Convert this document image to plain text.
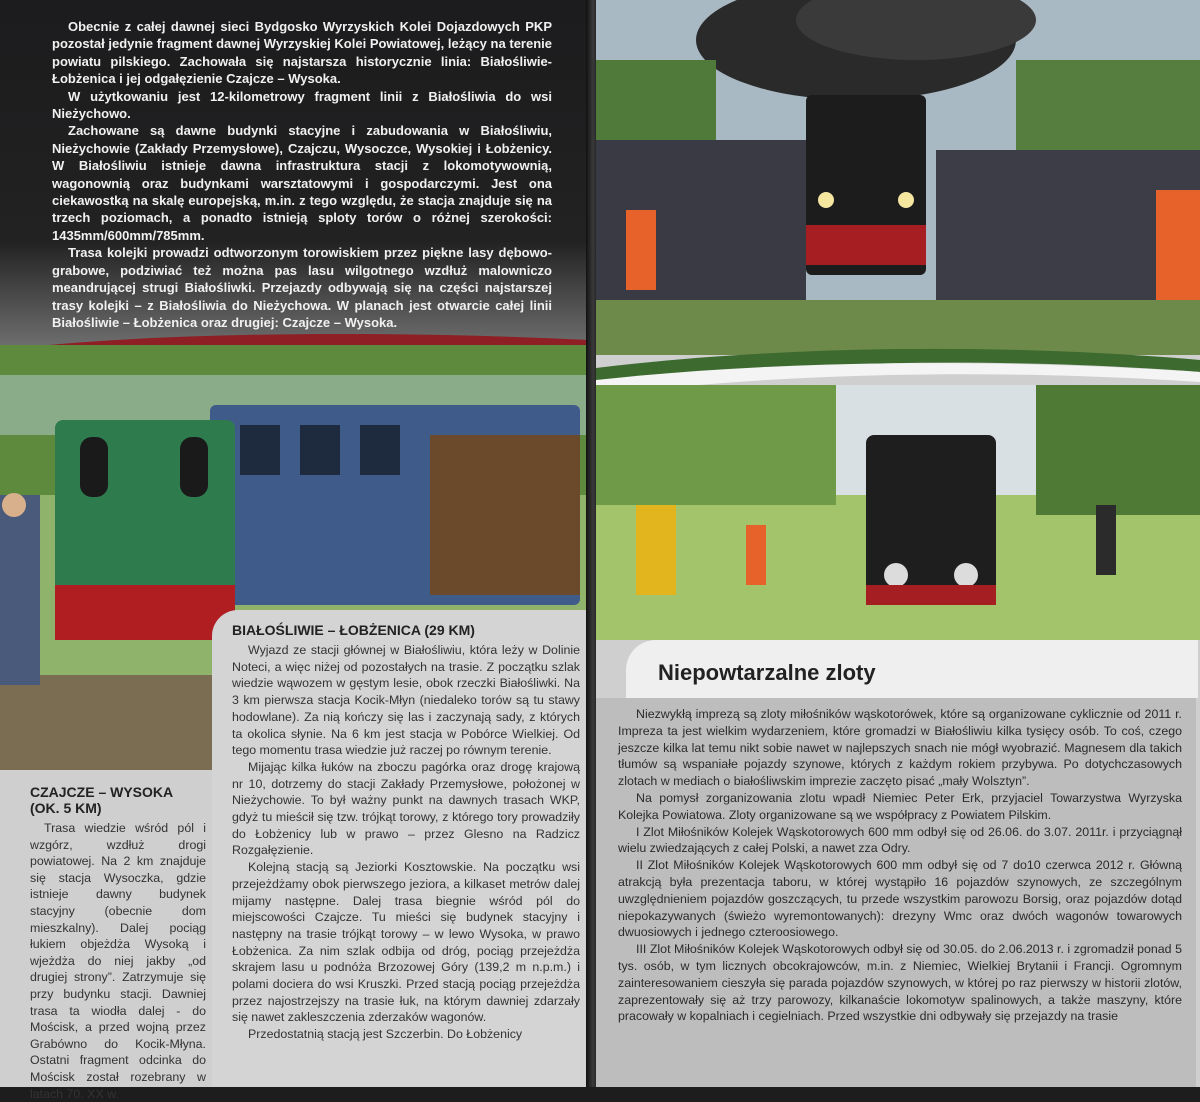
Obecnie z całej dawnej sieci Bydgosko Wyrzyskich Kolei Dojazdowych PKP pozostał jedynie fragment dawnej Wyrzyskiej Kolei Powiatowej, leżący na terenie powiatu pilskiego. Zachowała się najstarsza historycznie linia: Białośliwie-Łobżenica i jej odgałęzienie Czajcze – Wysoka.

W użytkowaniu jest 12-kilometrowy fragment linii z Białośliwia do wsi Nieżychowo.

Zachowane są dawne budynki stacyjne i zabudowania w Białośliwiu, Nieżychowie (Zakłady Przemysłowe), Czajczu, Wysoczce, Wysokiej i Łobżenicy. W Białośliwiu istnieje dawna infrastruktura stacji z lokomotywownią, wagonownią oraz budynkami warsztatowymi i gospodarczymi. Jest ona ciekawostką na skalę europejską, m.in. z tego względu, że stacja znajduje się na trzech poziomach, a ponadto istnieją sploty torów o różnej szerokości: 1435mm/600mm/785mm.

Trasa kolejki prowadzi odtworzonym torowiskiem przez piękne lasy dębowo-grabowe, podziwiać też można pas lasu wilgotnego wzdłuż malowniczo meandrującej strugi Białośliwki. Przejazdy odbywają się na części najstarszej trasy kolejki – z Białośliwia do Nieżychowa. W planach jest otwarcie całej linii Białośliwie – Łobżenica oraz drugiej: Czajcze – Wysoka.

CZAJCZE – WYSOKA (OK. 5 KM)

Trasa wiedzie wśród pól i wzgórz, wzdłuż drogi powiatowej. Na 2 km znajduje się stacja Wysoczka, gdzie istnieje dawny budynek stacyjny (obecnie dom mieszkalny). Dalej pociąg łukiem objeżdża Wysoką i wjeżdża do niej jakby „od drugiej strony”. Zatrzymuje się przy budynku stacji. Dawniej trasa ta wiodła dalej - do Mościsk, a przed wojną przez Grabówno do Kocik-Młyna. Ostatni fragment odcinka do Mościsk został rozebrany w latach 70. XX w.

BIAŁOŚLIWIE – ŁOBŻENICA (29 KM)

Wyjazd ze stacji głównej w Białośliwiu, która leży w Dolinie Noteci, a więc niżej od pozostałych na trasie. Z początku szlak wiedzie wąwozem w gęstym lesie, obok rzeczki Białośliwki. Na 3 km pierwsza stacja Kocik-Młyn (niedaleko torów są tu stawy hodowlane). Za nią kończy się las i zaczynają sady, z których ta okolica słynie. Na 6 km jest stacja w Pobórce Wielkiej. Od tego momentu trasa wiedzie już raczej po równym terenie.

Mijając kilka łuków na zboczu pagórka oraz drogę krajową nr 10, dotrzemy do stacji Zakłady Przemysłowe, położonej w Nieżychowie. To był ważny punkt na dawnych trasach WKP, gdyż tu mieścił się tzw. trójkąt torowy, z którego tory prowadziły do Łobżenicy lub w prawo – przez Glesno na Radzicz Rozgałęzienie.

Kolejną stacją są Jeziorki Kosztowskie. Na początku wsi przejeżdżamy obok pierwszego jeziora, a kilkaset metrów dalej mijamy następne. Dalej trasa biegnie wśród pól do miejscowości Czajcze. Tu mieści się budynek stacyjny i następny na trasie trójkąt torowy – w lewo Wysoka, w prawo Łobżenica. Za nim szlak odbija od dróg, pociąg przejeżdża skrajem lasu u podnóża Brzozowej Góry (139,2 m n.p.m.) i polami dociera do wsi Kruszki. Przed stacją pociąg przejeżdża przez najostrzejszy na trasie łuk, na którym dawniej zdarzały się nawet zakleszczenia zderzaków wagonów.

Przedostatnią stacją jest Szczerbin. Do Łobżenicy

Niepowtarzalne zloty

Niezwykłą imprezą są zloty miłośników wąskotorówek, które są organizowane cyklicznie od 2011 r. Impreza ta jest wielkim wydarzeniem, które gromadzi w Białośliwiu kilka tysięcy osób. To coś, czego jeszcze kilka lat temu nikt sobie nawet w najlepszych snach nie mógł wyobrazić. Magnesem dla takich tłumów są wspaniałe pojazdy szynowe, których z każdym rokiem przybywa. Po dotychczasowych zlotach w mediach o białośliwskim imprezie zaczęto pisać „mały Wolsztyn”.

Na pomysł zorganizowania zlotu wpadł Niemiec Peter Erk, przyjaciel Towarzystwa Wyrzyska Kolejka Powiatowa. Zloty organizowane są we współpracy z Powiatem Pilskim.

I Zlot Miłośników Kolejek Wąskotorowych 600 mm odbył się od 26.06. do 3.07. 2011r. i przyciągnął wielu zwiedzających z całej Polski, a nawet zza Odry.

II Zlot Miłośników Kolejek Wąskotorowych 600 mm odbył się od 7 do10 czerwca 2012 r. Główną atrakcją była prezentacja taboru, w której wystąpiło 16 pojazdów szynowych, ze szczególnym uwzględnieniem pojazdów goszczących, tu przede wszystkim parowozu Borsig, oraz pojazdów dotąd niepokazywanych (świeżo wyremontowanych): drezyny Wmc oraz dwóch wagonów towarowych dwuosiowych i jednego czteroosiowego.

III Zlot Miłośników Kolejek Wąskotorowych odbył się od 30.05. do 2.06.2013 r. i zgromadził ponad 5 tys. osób, w tym licznych obcokrajowców, m.in. z Niemiec, Wielkiej Brytanii i Francji. Ogromnym zainteresowaniem cieszyła się parada pojazdów szynowych, w której po raz pierwszy w historii zlotów, zaprezentowały się aż trzy parowozy, kilkanaście lokomotyw spalinowych, a także maszyny, które pracowały w kopalniach i cegielniach. Przed wszystkie dni odbywały się przejazdy na trasie
